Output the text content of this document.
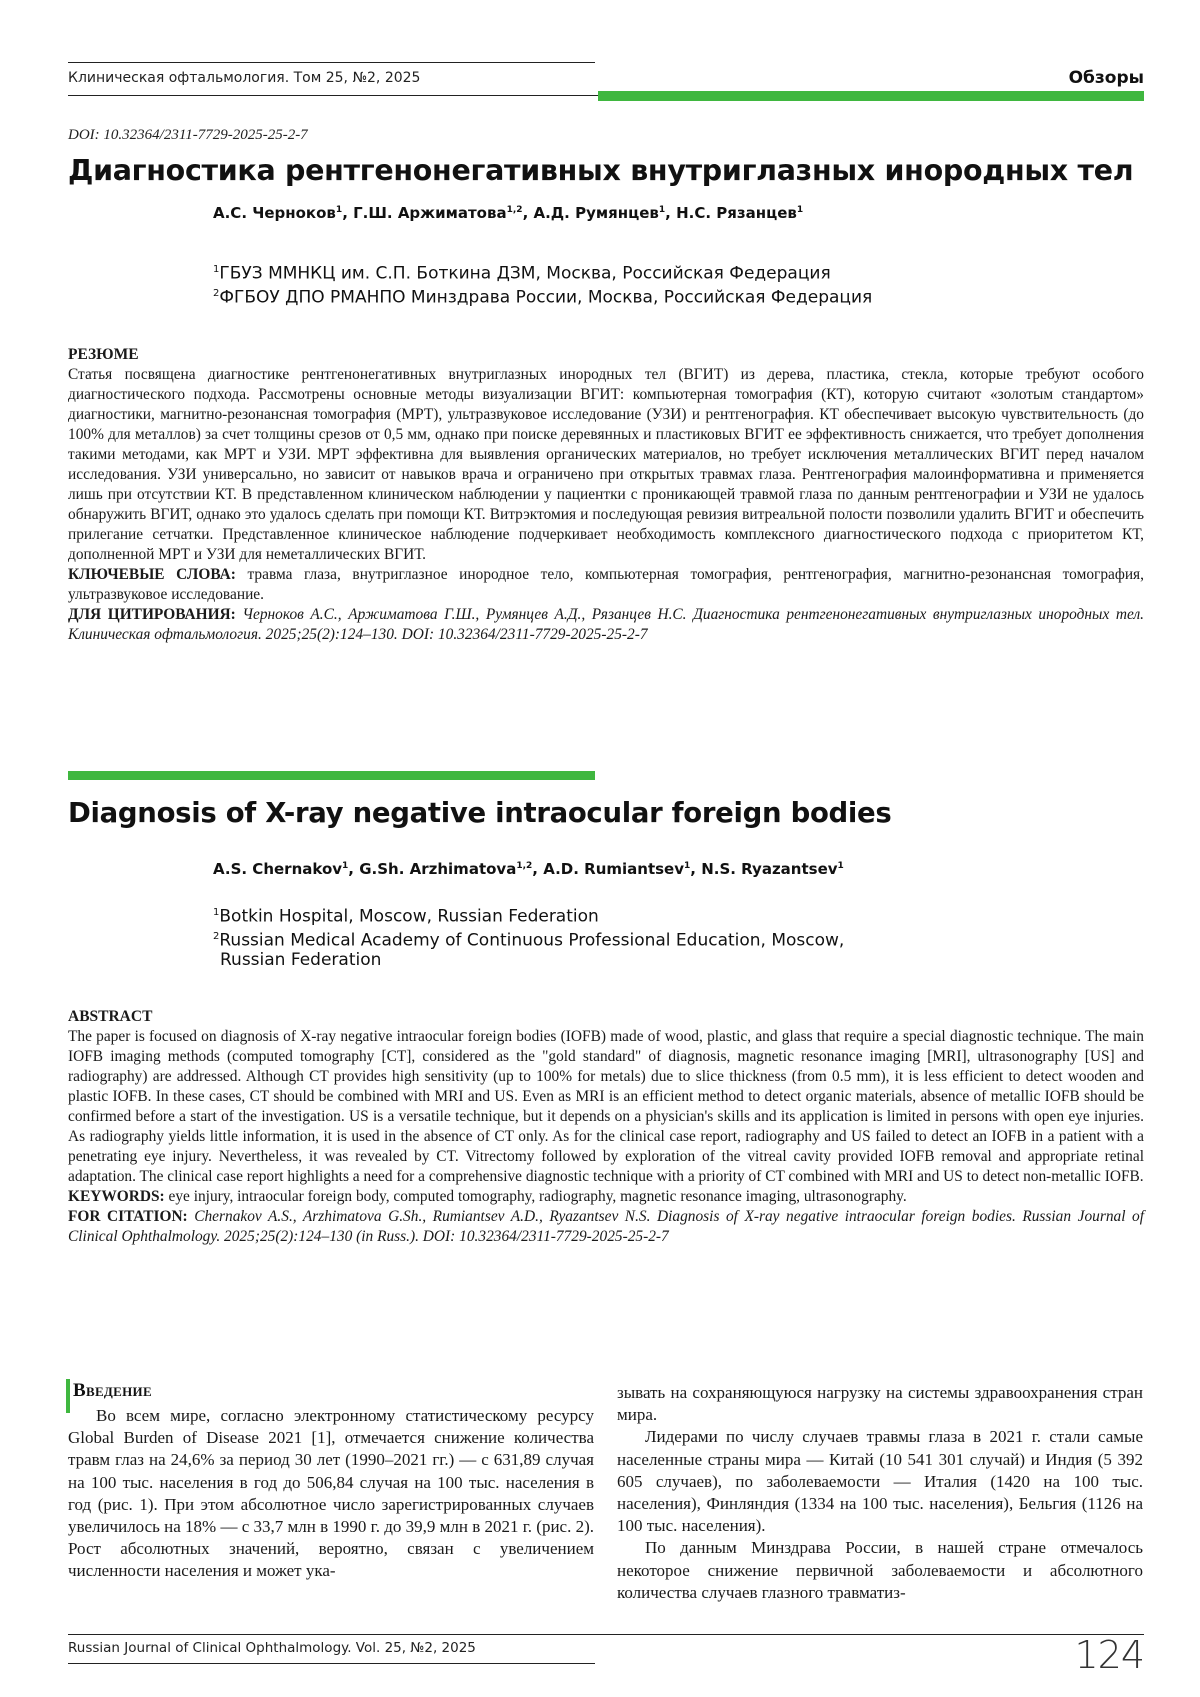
Клиническая офтальмология. Том 25, №2, 2025	Обзоры
DOI: 10.32364/2311-7729-2025-25-2-7
Диагностика рентгенонегативных внутриглазных инородных тел
А.С. Черноков$^1$, Г.Ш. Аржиматова$^{1,2}$, А.Д. Румянцев$^1$, Н.С. Рязанцев$^1$
$^1$ГБУЗ ММНКЦ им. С.П. Боткина ДЗМ, Москва, Российская Федерация
$^2$ФГБОУ ДПО РМАНПО Минздрава России, Москва, Российская Федерация
РЕЗЮМЕ
Статья посвящена диагностике рентгенонегативных внутриглазных инородных тел (ВГИТ) из дерева, пластика, стекла, которые требуют особого диагностического подхода. Рассмотрены основные методы визуализации ВГИТ: компьютерная томография (КТ), которую считают «золотым стандартом» диагностики, магнитно-резонансная томография (МРТ), ультразвуковое исследование (УЗИ) и рентгенография. КТ обеспечивает высокую чувствительность (до 100% для металлов) за счет толщины срезов от 0,5 мм, однако при поиске деревянных и пластиковых ВГИТ ее эффективность снижается, что требует дополнения такими методами, как МРТ и УЗИ. МРТ эффективна для выявления органических материалов, но требует исключения металлических ВГИТ перед началом исследования. УЗИ универсально, но зависит от навыков врача и ограничено при открытых травмах глаза. Рентгенография малоинформативна и применяется лишь при отсутствии КТ. В представленном клиническом наблюдении у пациентки с проникающей травмой глаза по данным рентгенографии и УЗИ не удалось обнаружить ВГИТ, однако это удалось сделать при помощи КТ. Витрэктомия и последующая ревизия витреальной полости позволили удалить ВГИТ и обеспечить прилегание сетчатки. Представленное клиническое наблюдение подчеркивает необходимость комплексного диагностического подхода с приоритетом КТ, дополненной МРТ и УЗИ для неметаллических ВГИТ.
КЛЮЧЕВЫЕ СЛОВА: травма глаза, внутриглазное инородное тело, компьютерная томография, рентгенография, магнитно-резонансная томография, ультразвуковое исследование.
ДЛЯ ЦИТИРОВАНИЯ: Черноков А.С., Аржиматова Г.Ш., Румянцев А.Д., Рязанцев Н.С. Диагностика рентгенонегативных внутриглазных инородных тел. Клиническая офтальмология. 2025;25(2):124–130. DOI: 10.32364/2311-7729-2025-25-2-7
Diagnosis of X-ray negative intraocular foreign bodies
A.S. Chernakov$^1$, G.Sh. Arzhimatova$^{1,2}$, A.D. Rumiantsev$^1$, N.S. Ryazantsev$^1$
$^1$Botkin Hospital, Moscow, Russian Federation
$^2$Russian Medical Academy of Continuous Professional Education, Moscow,
Russian Federation
ABSTRACT
The paper is focused on diagnosis of X-ray negative intraocular foreign bodies (IOFB) made of wood, plastic, and glass that require a special diagnostic technique. The main IOFB imaging methods (computed tomography [CT], considered as the "gold standard" of diagnosis, magnetic resonance imaging [MRI], ultrasonography [US] and radiography) are addressed. Although CT provides high sensitivity (up to 100% for metals) due to slice thickness (from 0.5 mm), it is less efficient to detect wooden and plastic IOFB. In these cases, CT should be combined with MRI and US. Even as MRI is an efficient method to detect organic materials, absence of metallic IOFB should be confirmed before a start of the investigation. US is a versatile technique, but it depends on a physician's skills and its application is limited in persons with open eye injuries. As radiography yields little information, it is used in the absence of CT only. As for the clinical case report, radiography and US failed to detect an IOFB in a patient with a penetrating eye injury. Nevertheless, it was revealed by CT. Vitrectomy followed by exploration of the vitreal cavity provided IOFB removal and appropriate retinal adaptation. The clinical case report highlights a need for a comprehensive diagnostic technique with a priority of CT combined with MRI and US to detect non-metallic IOFB.
KEYWORDS: eye injury, intraocular foreign body, computed tomography, radiography, magnetic resonance imaging, ultrasonography.
FOR CITATION: Chernakov A.S., Arzhimatova G.Sh., Rumiantsev A.D., Ryazantsev N.S. Diagnosis of X-ray negative intraocular foreign bodies. Russian Journal of Clinical Ophthalmology. 2025;25(2):124–130 (in Russ.). DOI: 10.32364/2311-7729-2025-25-2-7
Введение

Во всем мире, согласно электронному статистическому ресурсу Global Burden of Disease 2021 [1], отмечается снижение количества травм глаз на 24,6% за период 30 лет (1990–2021 гг.) — с 631,89 случая на 100 тыс. населения в год до 506,84 случая на 100 тыс. населения в год (рис. 1). При этом абсолютное число зарегистрированных случаев увеличилось на 18% — с 33,7 млн в 1990 г. до 39,9 млн в 2021 г. (рис. 2). Рост абсолютных значений, вероятно, связан с увеличением численности населения и может ука-

зывать на сохраняющуюся нагрузку на системы здравоохранения стран мира.

Лидерами по числу случаев травмы глаза в 2021 г. стали самые населенные страны мира — Китай (10 541 301 случай) и Индия (5 392 605 случаев), по заболеваемости — Италия (1420 на 100 тыс. населения), Финляндия (1334 на 100 тыс. населения), Бельгия (1126 на 100 тыс. населения).

По данным Минздрава России, в нашей стране отмечалось некоторое снижение первичной заболеваемости и абсолютного количества случаев глазного травматиз-

Russian Journal of Clinical Ophthalmology. Vol. 25, №2, 2025	124
